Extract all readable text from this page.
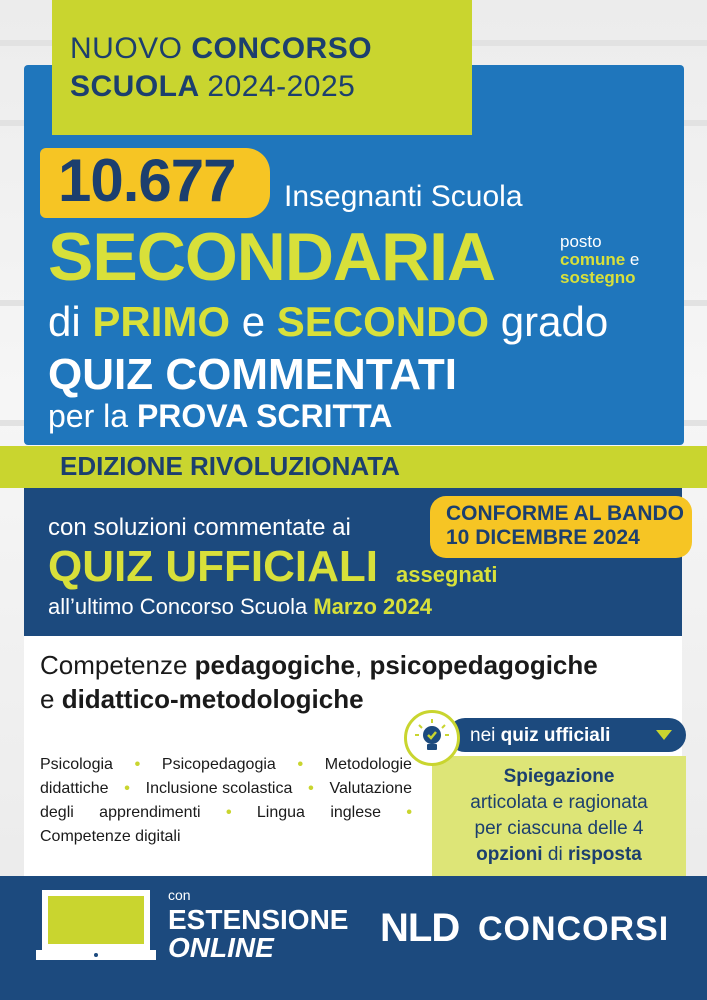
NUOVO CONCORSO
SCUOLA 2024-2025
10.677 Insegnanti Scuola
SECONDARIA	posto
comune e
sostegno
di PRIMO e SECONDO grado
QUIZ COMMENTATI
per la PROVA SCRITTA
EDIZIONE RIVOLUZIONATA
con soluzioni commentate ai
QUIZ UFFICIALI assegnati
all’ultimo Concorso Scuola Marzo 2024
CONFORME AL BANDO
10 DICEMBRE 2024
Competenze pedagogiche, psicopedagogiche
e didattico-metodologiche
Psicologia • Psicopedagogia • Metodologie
didattiche • Inclusione scolastica • Valutazione
degli apprendimenti • Lingua inglese •
Competenze digitali
nei quiz ufficiali
Spiegazione
articolata e ragionata
per ciascuna delle 4
opzioni di risposta
con
ESTENSIONE
ONLINE	NLD CONCORSI
